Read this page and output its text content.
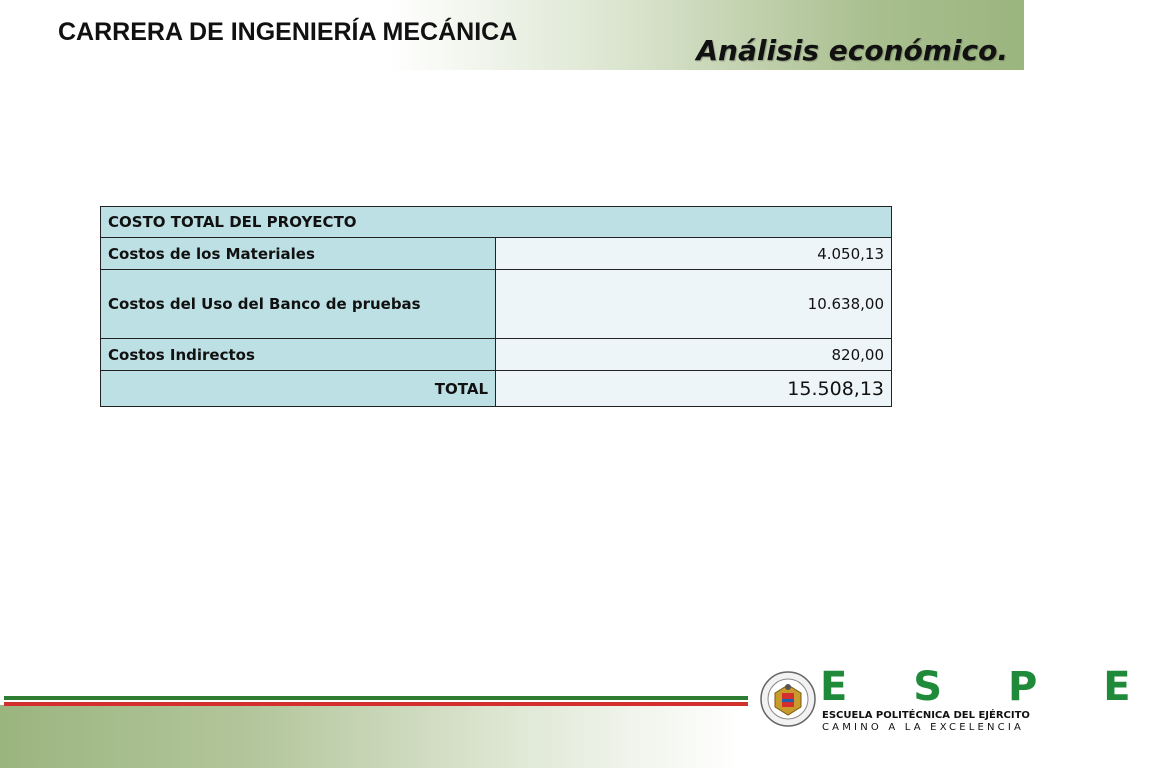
CARRERA DE INGENIERÍA MECÁNICA
Análisis económico.
COSTO TOTAL DEL PROYECTO	
Costos de los Materiales	4.050,13
Costos del Uso del Banco de pruebas	10.638,00
Costos Indirectos	820,00
TOTAL	15.508,13
E S P E
ESCUELA POLITÉCNICA DEL EJÉRCITO
CAMINO A LA EXCELENCIA
